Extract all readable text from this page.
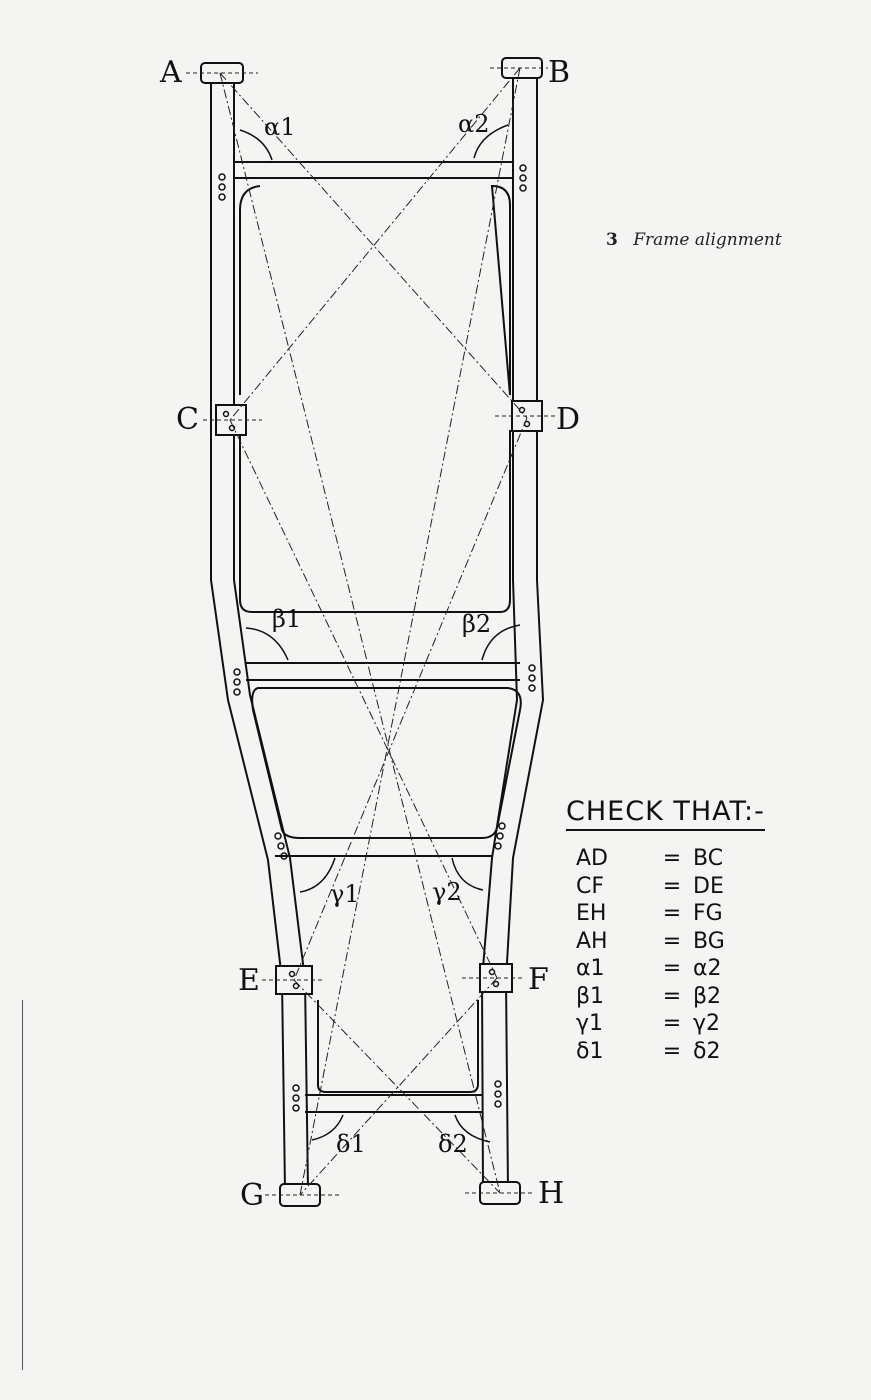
3 Frame alignment
A	B
C	D
E	F
G	H
α1	α2
β1	β2
γ1	γ2
δ1	δ2
CHECK THAT:-
AD	= BC
CF	= DE
EH	= FG
AH	= BG
α1	= α2
β1	= β2
γ1	= γ2
δ1	= δ2
